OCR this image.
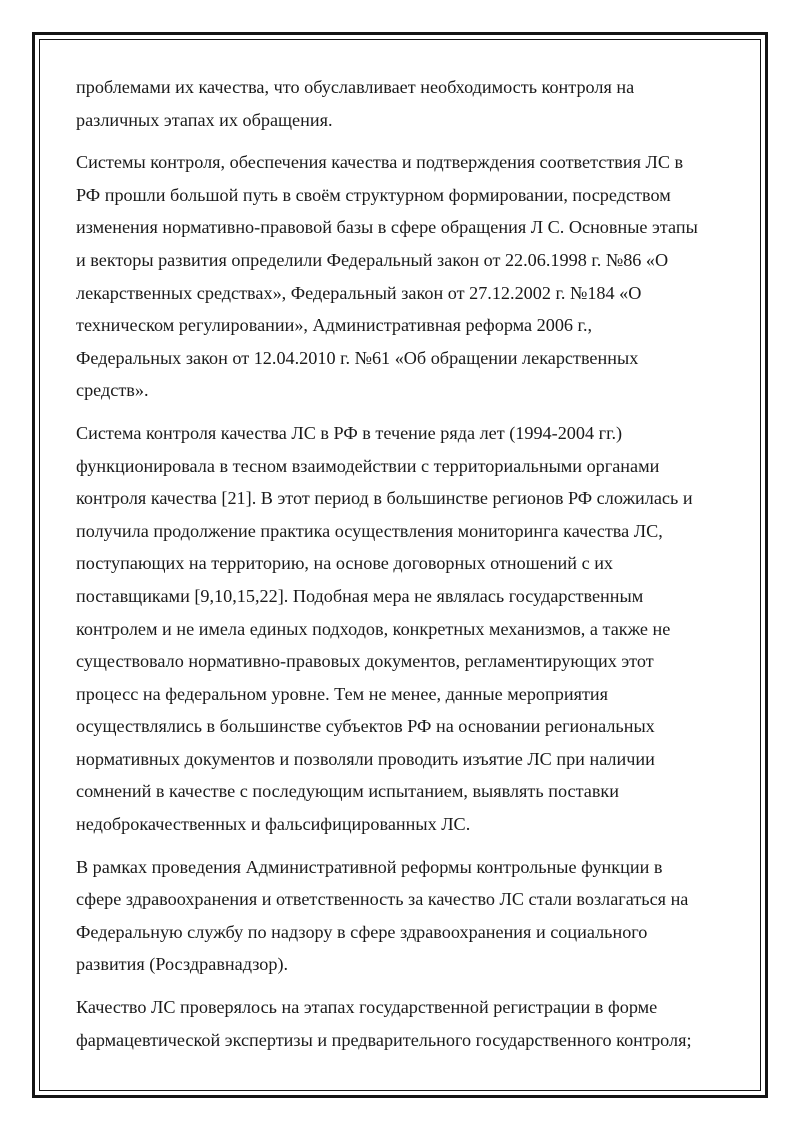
проблемами их качества, что обуславливает необходимость контроля на
различных этапах их обращения.
Системы контроля, обеспечения качества и подтверждения соответствия ЛС в
РФ прошли большой путь в своём структурном формировании, посредством
изменения нормативно-правовой базы в сфере обращения Л С. Основные этапы
и векторы развития определили Федеральный закон от 22.06.1998 г. №86 «О
лекарственных средствах», Федеральный закон от 27.12.2002 г. №184 «О
техническом регулировании», Административная реформа 2006 г.,
Федеральных закон от 12.04.2010 г. №61 «Об обращении лекарственных
средств».
Система контроля качества ЛС в РФ в течение ряда лет (1994-2004 гг.)
функционировала в тесном взаимодействии с территориальными органами
контроля качества [21]. В этот период в большинстве регионов РФ сложилась и
получила продолжение практика осуществления мониторинга качества ЛС,
поступающих на территорию, на основе договорных отношений с их
поставщиками [9,10,15,22]. Подобная мера не являлась государственным
контролем и не имела единых подходов, конкретных механизмов, а также не
существовало нормативно-правовых документов, регламентирующих этот
процесс на федеральном уровне. Тем не менее, данные мероприятия
осуществлялись в большинстве субъектов РФ на основании региональных
нормативных документов и позволяли проводить изъятие ЛС при наличии
сомнений в качестве с последующим испытанием, выявлять поставки
недоброкачественных и фальсифицированных ЛС.
В рамках проведения Административной реформы контрольные функции в
сфере здравоохранения и ответственность за качество ЛС стали возлагаться на
Федеральную службу по надзору в сфере здравоохранения и социального
развития (Росздравнадзор).
Качество ЛС проверялось на этапах государственной регистрации в форме
фармацевтической экспертизы и предварительного государственного контроля;
